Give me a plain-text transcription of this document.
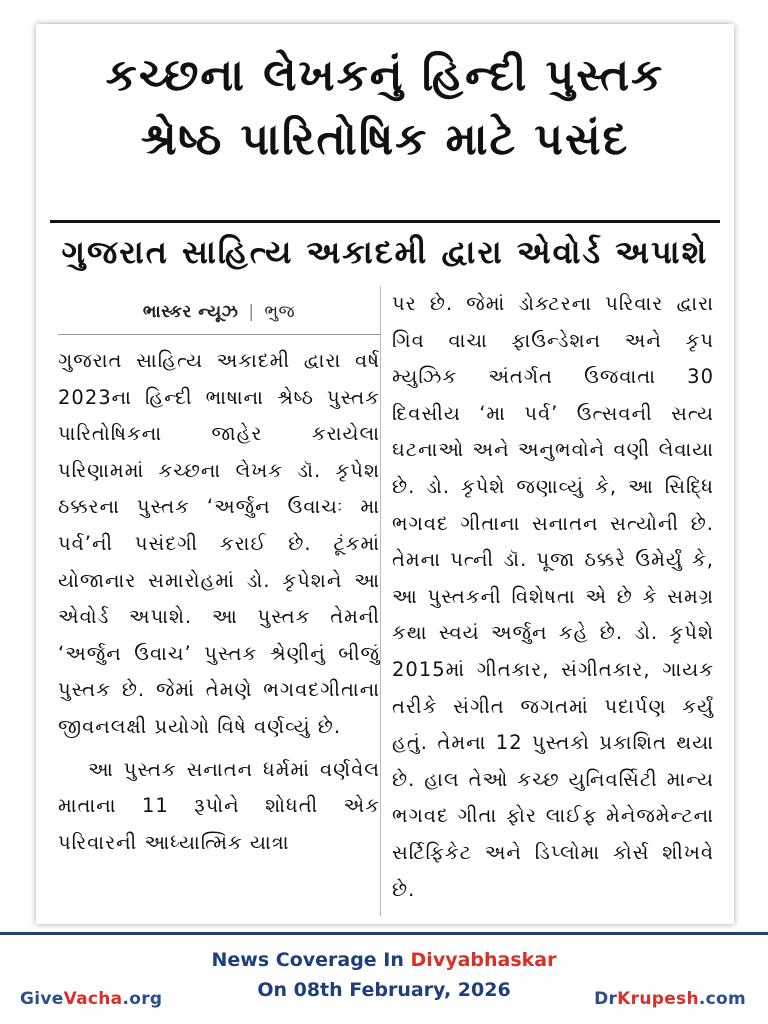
કચ્છના લેખકનું હિન્દી પુસ્તક
શ્રેષ્ઠ પારિતોષિક માટે પસંદ
ગુજરાત સાહિત્ય અકાદમી દ્વારા એવોર્ડ અપાશે
ભાસ્કર ન્યૂઝ | ભુજ

ગુજરાત સાહિત્ય અકાદમી દ્વારા વર્ષ 2023ના હિન્દી ભાષાના શ્રેષ્ઠ પુસ્તક પારિતોષિકના જાહેર કરાયેલા પરિણામમાં કચ્છના લેખક ડૉ. કૃપેશ ઠક્કરના પુસ્તક ‘અર્જુન ઉવાચઃ મા પર્વ’ની પસંદગી કરાઈ છે. ટૂંકમાં યોજાનાર સમારોહમાં ડો. કૃપેશને આ એવોર્ડ અપાશે. આ પુસ્તક તેમની ‘અર્જુન ઉવાચ’ પુસ્તક શ્રેણીનું બીજું પુસ્તક છે. જેમાં તેમણે ભગવદગીતાના જીવનલક્ષી પ્રયોગો વિષે વર્ણવ્યું છે.

આ પુસ્તક સનાતન ધર્મમાં વર્ણવેલ માતાના 11 રૂપોને શોધતી એક પરિવારની આધ્યાત્મિક યાત્રા

પર છે. જેમાં ડોક્ટરના પરિવાર દ્વારા ગિવ વાચા ફાઉન્ડેશન અને કૃપ મ્યુઝિક અંતર્ગત ઉજવાતા 30 દિવસીય ‘મા પર્વ’ ઉત્સવની સત્ય ઘટનાઓ અને અનુભવોને વણી લેવાયા છે. ડો. કૃપેશે જણાવ્યું કે, આ સિદ્ધિ ભગવદ ગીતાના સનાતન સત્યોની છે. તેમના પત્ની ડૉ. પૂજા ઠક્કરે ઉમેર્યું કે, આ પુસ્તકની વિશેષતા એ છે કે સમગ્ર કથા સ્વયં અર્જુન કહે છે. ડો. કૃપેશે 2015માં ગીતકાર, સંગીતકાર, ગાયક તરીકે સંગીત જગતમાં પદાર્પણ કર્યું હતું. તેમના 12 પુસ્તકો પ્રકાશિત થયા છે. હાલ તેઓ કચ્છ યુનિવર્સિટી માન્ય ભગવદ ગીતા ફોર લાઈફ મેનેજમેન્ટના સર્ટિફિકેટ અને ડિપ્લોમા કોર્સ શીખવે છે.

News Coverage In Divyabhaskar
On 08th February, 2026
GiveVacha.org	DrKrupesh.com
